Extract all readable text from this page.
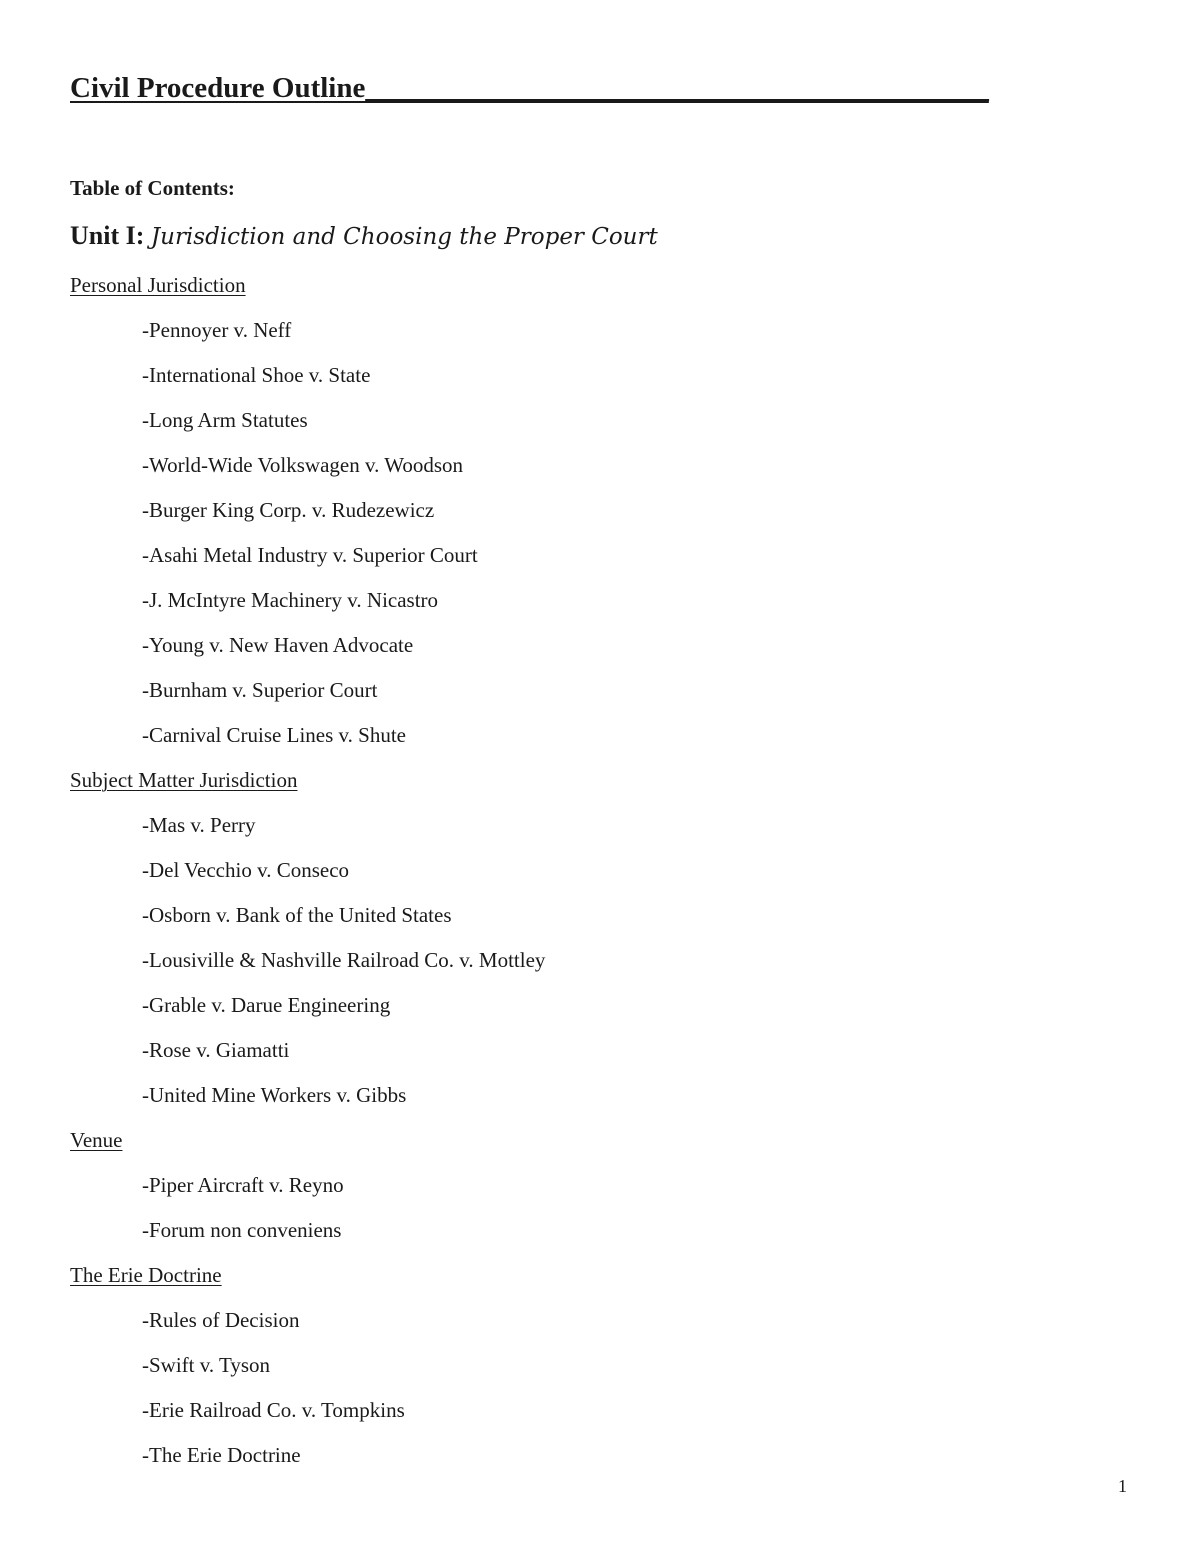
Civil Procedure Outline___________________________________________

Table of Contents:

Unit I: Jurisdiction and Choosing the Proper Court

Personal Jurisdiction
-Pennoyer v. Neff
-International Shoe v. State
-Long Arm Statutes
-World-Wide Volkswagen v. Woodson
-Burger King Corp. v. Rudezewicz
-Asahi Metal Industry v. Superior Court
-J. McIntyre Machinery v. Nicastro
-Young v. New Haven Advocate
-Burnham v. Superior Court
-Carnival Cruise Lines v. Shute
Subject Matter Jurisdiction
-Mas v. Perry
-Del Vecchio v. Conseco
-Osborn v. Bank of the United States
-Lousiville & Nashville Railroad Co. v. Mottley
-Grable v. Darue Engineering
-Rose v. Giamatti
-United Mine Workers v. Gibbs
Venue
-Piper Aircraft v. Reyno
-Forum non conveniens
The Erie Doctrine
-Rules of Decision
-Swift v. Tyson
-Erie Railroad Co. v. Tompkins
-The Erie Doctrine

1
